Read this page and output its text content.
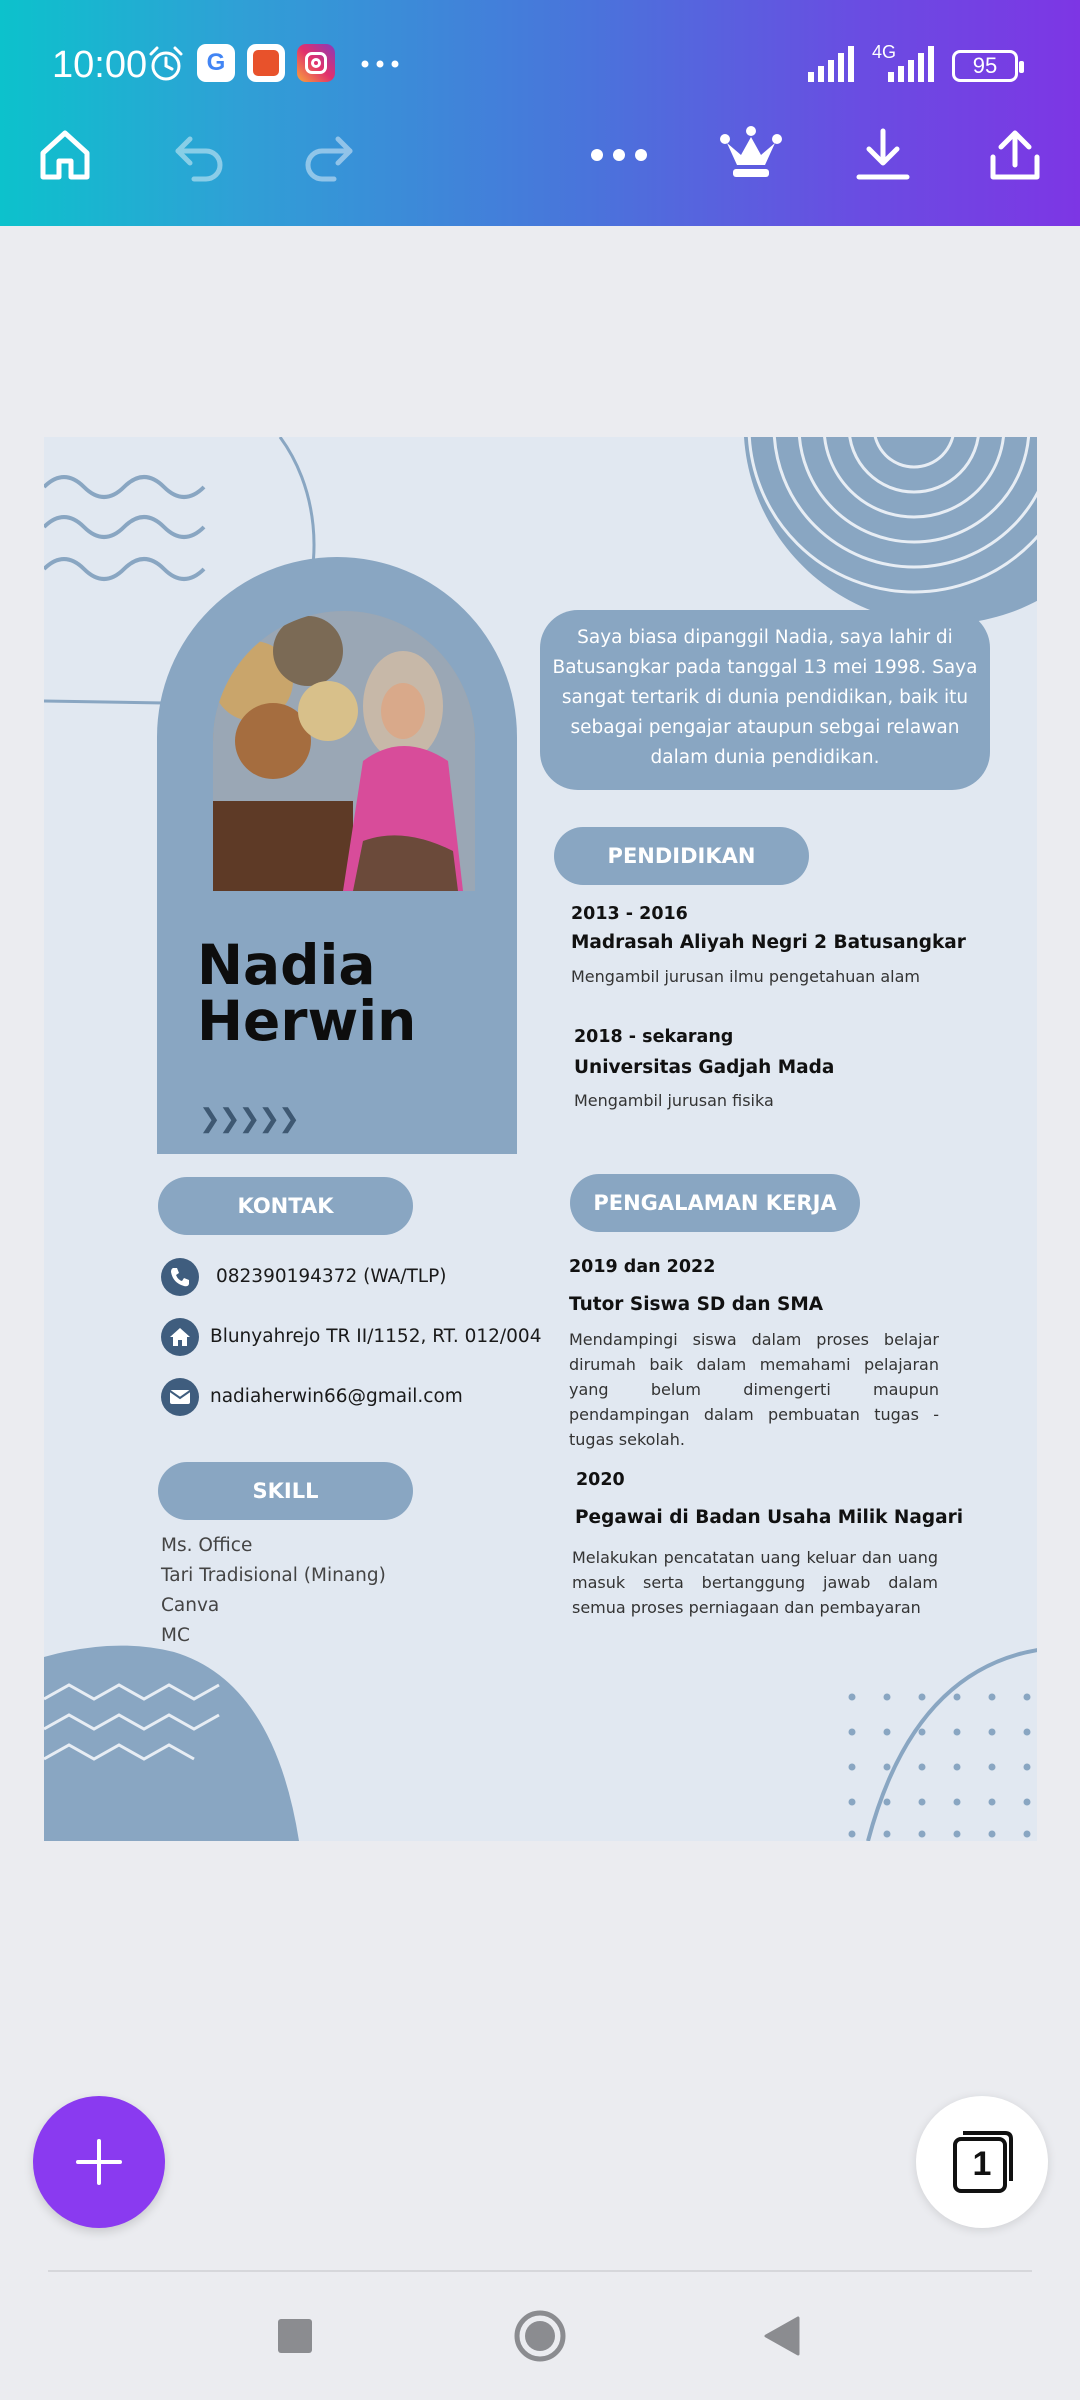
10:00	G	4G
95
Nadia
Herwin
❯❯❯❯❯
Saya biasa dipanggil Nadia, saya lahir di Batusangkar pada tanggal 13 mei 1998. Saya sangat tertarik di dunia pendidikan, baik itu sebagai pengajar ataupun sebgai relawan dalam dunia pendidikan.
PENDIDIKAN
2013 - 2016
Madrasah Aliyah Negri 2 Batusangkar
Mengambil jurusan ilmu pengetahuan alam
2018 - sekarang
Universitas Gadjah Mada
Mengambil jurusan fisika
KONTAK
082390194372 (WA/TLP)
Blunyahrejo TR II/1152, RT. 012/004
nadiaherwin66@gmail.com
SKILL
Ms. Office
Tari Tradisional (Minang)
Canva
MC
PENGALAMAN KERJA
2019 dan 2022
Tutor Siswa SD dan SMA
Mendampingi siswa dalam proses belajar dirumah baik dalam memahami pelajaran yang belum dimengerti maupun pendampingan dalam pembuatan tugas - tugas sekolah.
2020
Pegawai di Badan Usaha Milik Nagari
Melakukan pencatatan uang keluar dan uang masuk serta bertanggung jawab dalam semua proses perniagaan dan pembayaran
1
